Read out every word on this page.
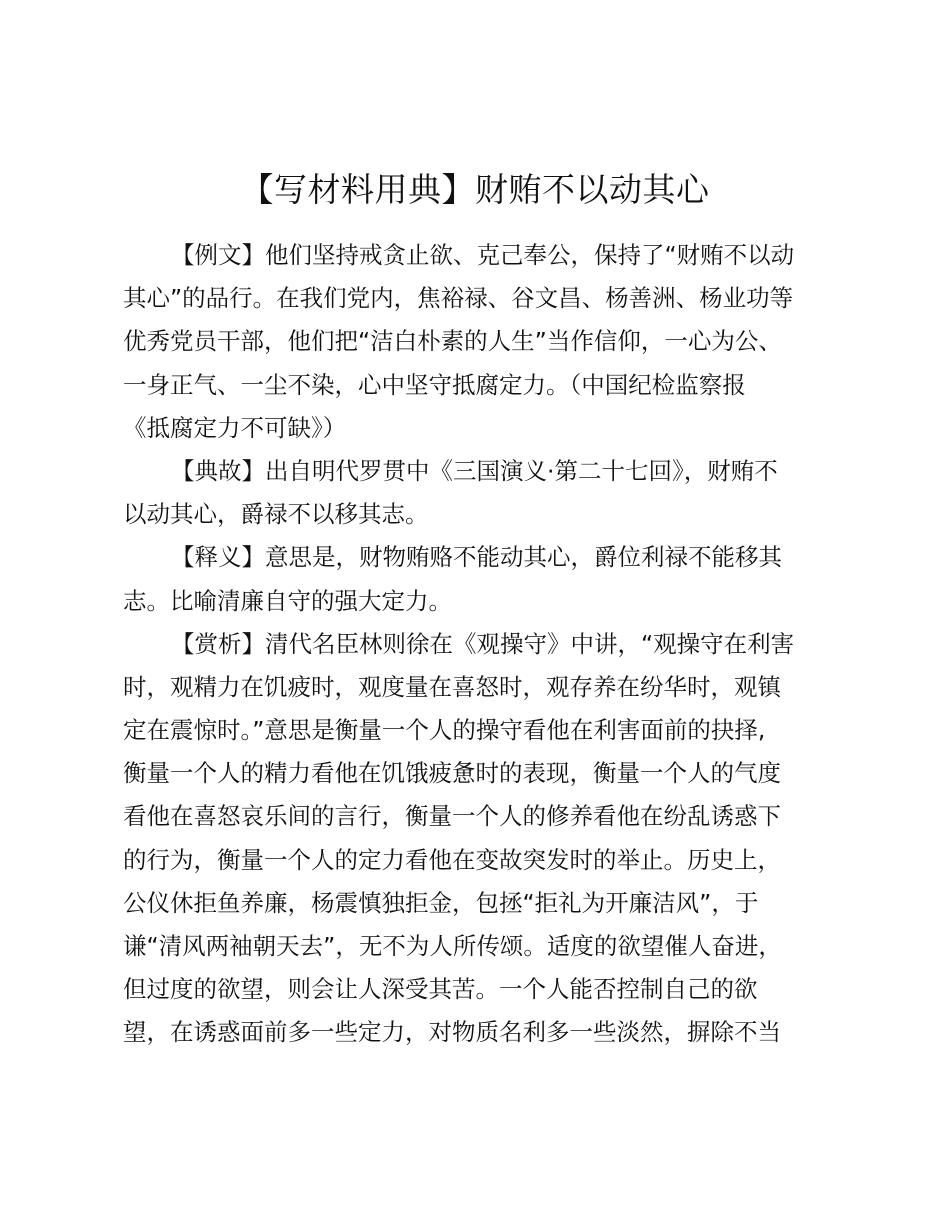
【写材料用典】财贿不以动其心
【例文】他们坚持戒贪止欲、克己奉公，保持了“财贿不以动
其心”的品行。在我们党内，焦裕禄、谷文昌、杨善洲、杨业功等
优秀党员干部，他们把“洁白朴素的人生”当作信仰，一心为公、
一身正气、一尘不染，心中坚守抵腐定力。（中国纪检监察报
《抵腐定力不可缺》）
【典故】出自明代罗贯中《三国演义·第二十七回》，财贿不
以动其心，爵禄不以移其志。
【释义】意思是，财物贿赂不能动其心，爵位利禄不能移其
志。比喻清廉自守的强大定力。
【赏析】清代名臣林则徐在《观操守》中讲，“观操守在利害
时，观精力在饥疲时，观度量在喜怒时，观存养在纷华时，观镇
定在震惊时。”意思是衡量一个人的操守看他在利害面前的抉择,
衡量一个人的精力看他在饥饿疲惫时的表现，衡量一个人的气度
看他在喜怒哀乐间的言行，衡量一个人的修养看他在纷乱诱惑下
的行为，衡量一个人的定力看他在变故突发时的举止。历史上，
公仪休拒鱼养廉，杨震慎独拒金，包拯“拒礼为开廉洁风”，于
谦“清风两袖朝天去”，无不为人所传颂。适度的欲望催人奋进，
但过度的欲望，则会让人深受其苦。一个人能否控制自己的欲
望，在诱惑面前多一些定力，对物质名利多一些淡然，摒除不当
